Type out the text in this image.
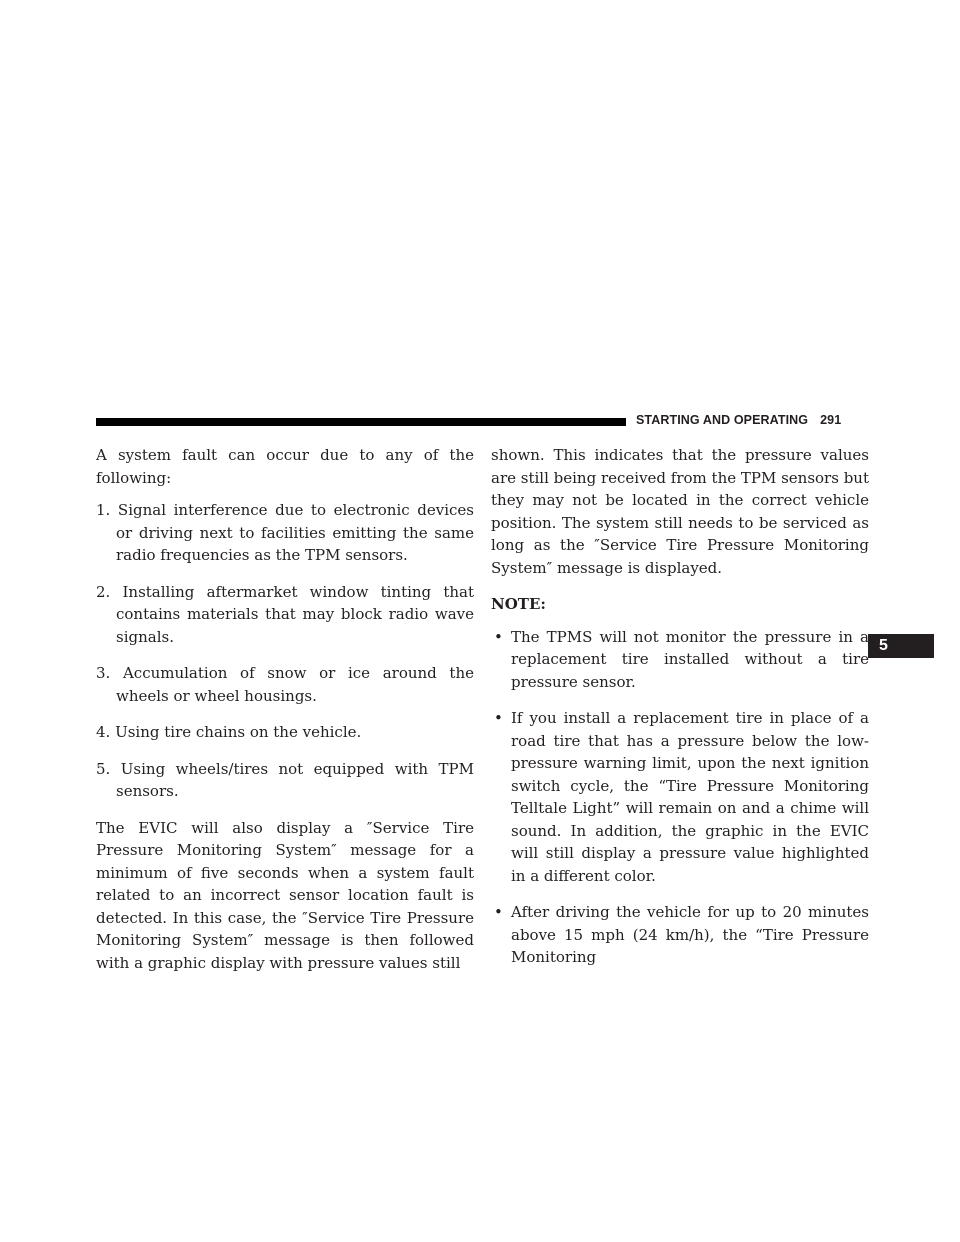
STARTING AND OPERATING 291
5

A system fault can occur due to any of the following:

1. Signal interference due to electronic devices or driving next to facilities emitting the same radio frequencies as the TPM sensors.

2. Installing aftermarket window tinting that contains materials that may block radio wave signals.

3. Accumulation of snow or ice around the wheels or wheel housings.

4. Using tire chains on the vehicle.

5. Using wheels/tires not equipped with TPM sensors.

The EVIC will also display a ″Service Tire Pressure Monitoring System″ message for a minimum of five seconds when a system fault related to an incorrect sensor location fault is detected. In this case, the ″Service Tire Pressure Monitoring System″ message is then followed with a graphic display with pressure values still

shown. This indicates that the pressure values are still being received from the TPM sensors but they may not be located in the correct vehicle position. The system still needs to be serviced as long as the ″Service Tire Pressure Monitoring System″ message is displayed.

NOTE:

• The TPMS will not monitor the pressure in a replacement tire installed without a tire pressure sensor.

• If you install a replacement tire in place of a road tire that has a pressure below the low-pressure warning limit, upon the next ignition switch cycle, the “Tire Pressure Monitoring Telltale Light” will remain on and a chime will sound. In addition, the graphic in the EVIC will still display a pressure value highlighted in a different color.

• After driving the vehicle for up to 20 minutes above 15 mph (24 km/h), the “Tire Pressure Monitoring
